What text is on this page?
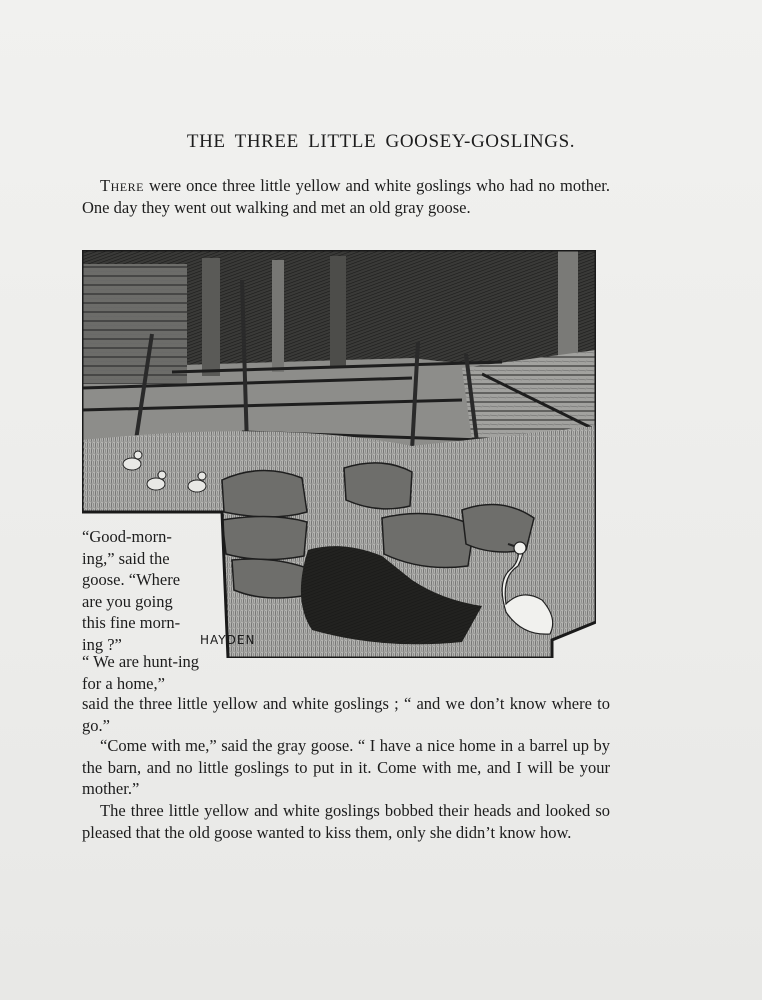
THE THREE LITTLE GOOSEY-GOSLINGS.

There were once three little yellow and white goslings who had no mother. One day they went out walking and met an old gray goose.

HAYDEN

“Good-morn-ing,” said the goose. “Where are you going this fine morn-ing ?”

“ We are hunt-ing for a home,”

said the three little yellow and white goslings ; “ and we don’t know where to go.”

“Come with me,” said the gray goose. “ I have a nice home in a barrel up by the barn, and no little goslings to put in it. Come with me, and I will be your mother.”

The three little yellow and white goslings bobbed their heads and looked so pleased that the old goose wanted to kiss them, only she didn’t know how.
